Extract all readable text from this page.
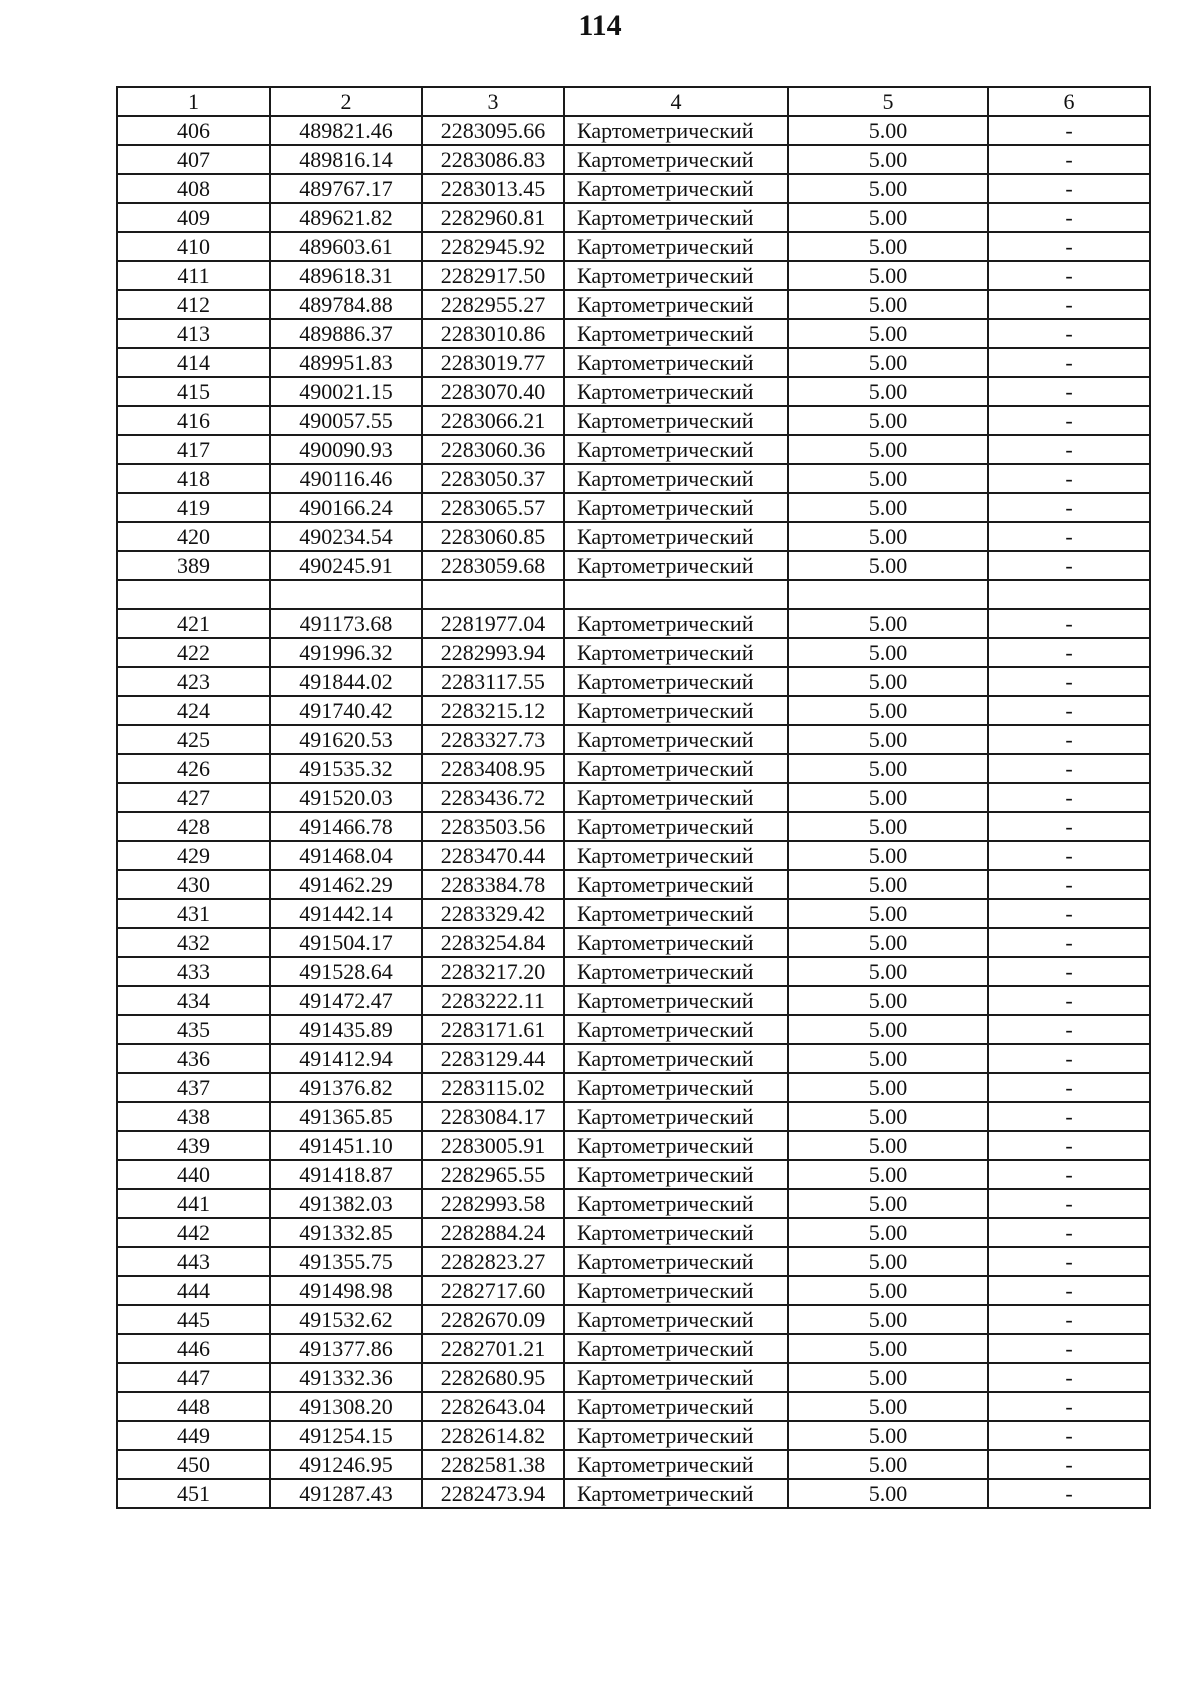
114
1	2	3	4	5	6
406	489821.46	2283095.66	Картометрический	5.00	-
407	489816.14	2283086.83	Картометрический	5.00	-
408	489767.17	2283013.45	Картометрический	5.00	-
409	489621.82	2282960.81	Картометрический	5.00	-
410	489603.61	2282945.92	Картометрический	5.00	-
411	489618.31	2282917.50	Картометрический	5.00	-
412	489784.88	2282955.27	Картометрический	5.00	-
413	489886.37	2283010.86	Картометрический	5.00	-
414	489951.83	2283019.77	Картометрический	5.00	-
415	490021.15	2283070.40	Картометрический	5.00	-
416	490057.55	2283066.21	Картометрический	5.00	-
417	490090.93	2283060.36	Картометрический	5.00	-
418	490116.46	2283050.37	Картометрический	5.00	-
419	490166.24	2283065.57	Картометрический	5.00	-
420	490234.54	2283060.85	Картометрический	5.00	-
389	490245.91	2283059.68	Картометрический	5.00	-

421	491173.68	2281977.04	Картометрический	5.00	-
422	491996.32	2282993.94	Картометрический	5.00	-
423	491844.02	2283117.55	Картометрический	5.00	-
424	491740.42	2283215.12	Картометрический	5.00	-
425	491620.53	2283327.73	Картометрический	5.00	-
426	491535.32	2283408.95	Картометрический	5.00	-
427	491520.03	2283436.72	Картометрический	5.00	-
428	491466.78	2283503.56	Картометрический	5.00	-
429	491468.04	2283470.44	Картометрический	5.00	-
430	491462.29	2283384.78	Картометрический	5.00	-
431	491442.14	2283329.42	Картометрический	5.00	-
432	491504.17	2283254.84	Картометрический	5.00	-
433	491528.64	2283217.20	Картометрический	5.00	-
434	491472.47	2283222.11	Картометрический	5.00	-
435	491435.89	2283171.61	Картометрический	5.00	-
436	491412.94	2283129.44	Картометрический	5.00	-
437	491376.82	2283115.02	Картометрический	5.00	-
438	491365.85	2283084.17	Картометрический	5.00	-
439	491451.10	2283005.91	Картометрический	5.00	-
440	491418.87	2282965.55	Картометрический	5.00	-
441	491382.03	2282993.58	Картометрический	5.00	-
442	491332.85	2282884.24	Картометрический	5.00	-
443	491355.75	2282823.27	Картометрический	5.00	-
444	491498.98	2282717.60	Картометрический	5.00	-
445	491532.62	2282670.09	Картометрический	5.00	-
446	491377.86	2282701.21	Картометрический	5.00	-
447	491332.36	2282680.95	Картометрический	5.00	-
448	491308.20	2282643.04	Картометрический	5.00	-
449	491254.15	2282614.82	Картометрический	5.00	-
450	491246.95	2282581.38	Картометрический	5.00	-
451	491287.43	2282473.94	Картометрический	5.00	-
